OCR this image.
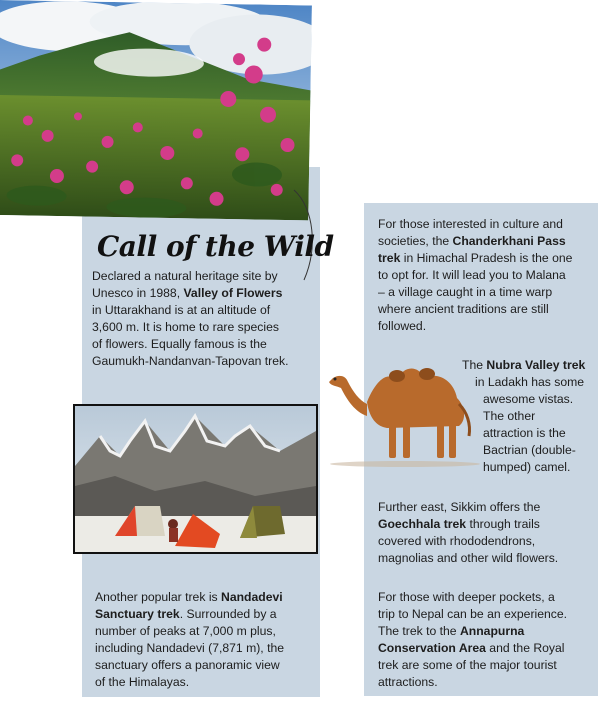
Call of the Wild
Declared a natural heritage site by
Unesco in 1988, Valley of Flowers
in Uttarakhand is at an altitude of
3,600 m. It is home to rare species
of flowers. Equally famous is the
Gaumukh-Nandanvan-Tapovan trek.
Another popular trek is Nandadevi
Sanctuary trek. Surrounded by a
number of peaks at 7,000 m plus,
including Nandadevi (7,871 m), the
sanctuary offers a panoramic view
of the Himalayas.
For those interested in culture and
societies, the Chanderkhani Pass
trek in Himachal Pradesh is the one
to opt for. It will lead you to Malana
– a village caught in a time warp
where ancient traditions are still
followed.
The Nubra Valley trek
in Ladakh has some
awesome vistas.
The other
attraction is the
Bactrian (double-
humped) camel.
Further east, Sikkim offers the
Goechhala trek through trails
covered with rhododendrons,
magnolias and other wild flowers.
For those with deeper pockets, a
trip to Nepal can be an experience.
The trek to the Annapurna
Conservation Area and the Royal
trek are some of the major tourist
attractions.
